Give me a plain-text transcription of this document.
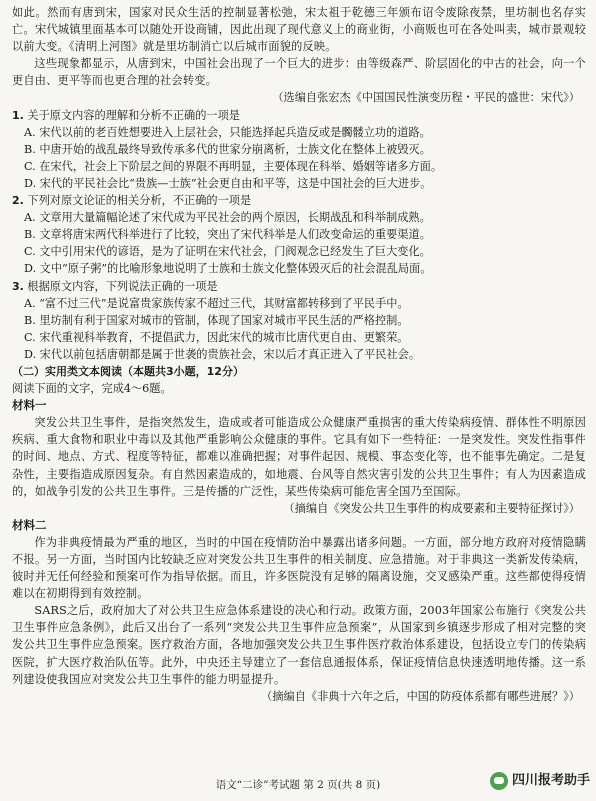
如此。然而有唐到宋，国家对民众生活的控制显著松弛，宋太祖于乾德三年颁布诏令废除夜禁，里坊制也名存实亡。宋代城镇里面基本可以随处开设商铺，因此出现了现代意义上的商业街，小商贩也可在各处叫卖，城市景观较以前大变。《清明上河图》就是里坊制消亡以后城市面貌的反映。

这些现象都显示，从唐到宋，中国社会出现了一个巨大的进步：由等级森严、阶层固化的中古的社会，向一个更自由、更平等而也更合理的社会转变。

（选编自张宏杰《中国国民性演变历程・平民的盛世：宋代》）

1. 关于原文内容的理解和分析不正确的一项是

A. 宋代以前的老百姓想要进入上层社会，只能选择起兵造反或是髑髅立功的道路。

B. 中唐开始的战乱最终导致传承多代的世家分崩离析，士族文化在整体上被毁灭。

C. 在宋代，社会上下阶层之间的界限不再明显，主要体现在科举、婚姻等诸多方面。

D. 宋代的平民社会比“贵族—士族”社会更自由和平等，这是中国社会的巨大进步。

2. 下列对原文论证的相关分析，不正确的一项是

A. 文章用大量篇幅论述了宋代成为平民社会的两个原因，长期战乱和科举制成熟。

B. 文章将唐宋两代科举进行了比较，突出了宋代科举是人们改变命运的重要渠道。

C. 文中引用宋代的谚语，是为了证明在宋代社会，门阀观念已经发生了巨大变化。

D. 文中“原子粥”的比喻形象地说明了士族和士族文化整体毁灭后的社会混乱局面。

3. 根据原文内容，下列说法正确的一项是

A. “富不过三代”是说富贵家族传家不超过三代，其财富都转移到了平民手中。

B. 里坊制有利于国家对城市的管制，体现了国家对城市平民生活的严格控制。

C. 宋代重视科举教育，不提倡武力，因此宋代的城市比唐代更自由、更繁荣。

D. 宋代以前包括唐朝都是属于世袭的贵族社会，宋以后才真正进入了平民社会。

（二）实用类文本阅读（本题共3小题，12分）

阅读下面的文字，完成4～6题。

材料一

突发公共卫生事件，是指突然发生，造成或者可能造成公众健康严重损害的重大传染病疫情、群体性不明原因疾病、重大食物和职业中毒以及其他严重影响公众健康的事件。它具有如下一些特征：一是突发性。突发性指事件的时间、地点、方式、程度等特征，都难以准确把握；对事件起因、规模、事态变化等，也不能事先确定。二是复杂性，主要指造成原因复杂。有自然因素造成的，如地震、台风等自然灾害引发的公共卫生事件；有人为因素造成的，如战争引发的公共卫生事件。三是传播的广泛性，某些传染病可能危害全国乃至国际。

（摘编自《突发公共卫生事件的构成要素和主要特征探讨》）

材料二

作为非典疫情最为严重的地区，当时的中国在疫情防治中暴露出诸多问题。一方面，部分地方政府对疫情隐瞒不报。另一方面，当时国内比较缺乏应对突发公共卫生事件的相关制度、应急措施。对于非典这一类新发传染病，彼时并无任何经验和预案可作为指导依据。而且，许多医院没有足够的隔离设施，交叉感染严重。这些都使得疫情难以在初期得到有效控制。

SARS之后，政府加大了对公共卫生应急体系建设的决心和行动。政策方面，2003年国家公布施行《突发公共卫生事件应急条例》，此后又出台了一系列“突发公共卫生事件应急预案”，从国家到乡镇逐步形成了相对完整的突发公共卫生事件应急预案。医疗救治方面，各地加强突发公共卫生事件医疗救治体系建设，包括设立专门的传染病医院，扩大医疗救治队伍等。此外，中央还主导建立了一套信息通报体系，保证疫情信息快速透明地传播。这一系列建设使我国应对突发公共卫生事件的能力明显提升。

（摘编自《非典十六年之后，中国的防疫体系都有哪些进展？》）

语文“二诊”考试题 第 2 页(共 8 页)	四川报考助手
